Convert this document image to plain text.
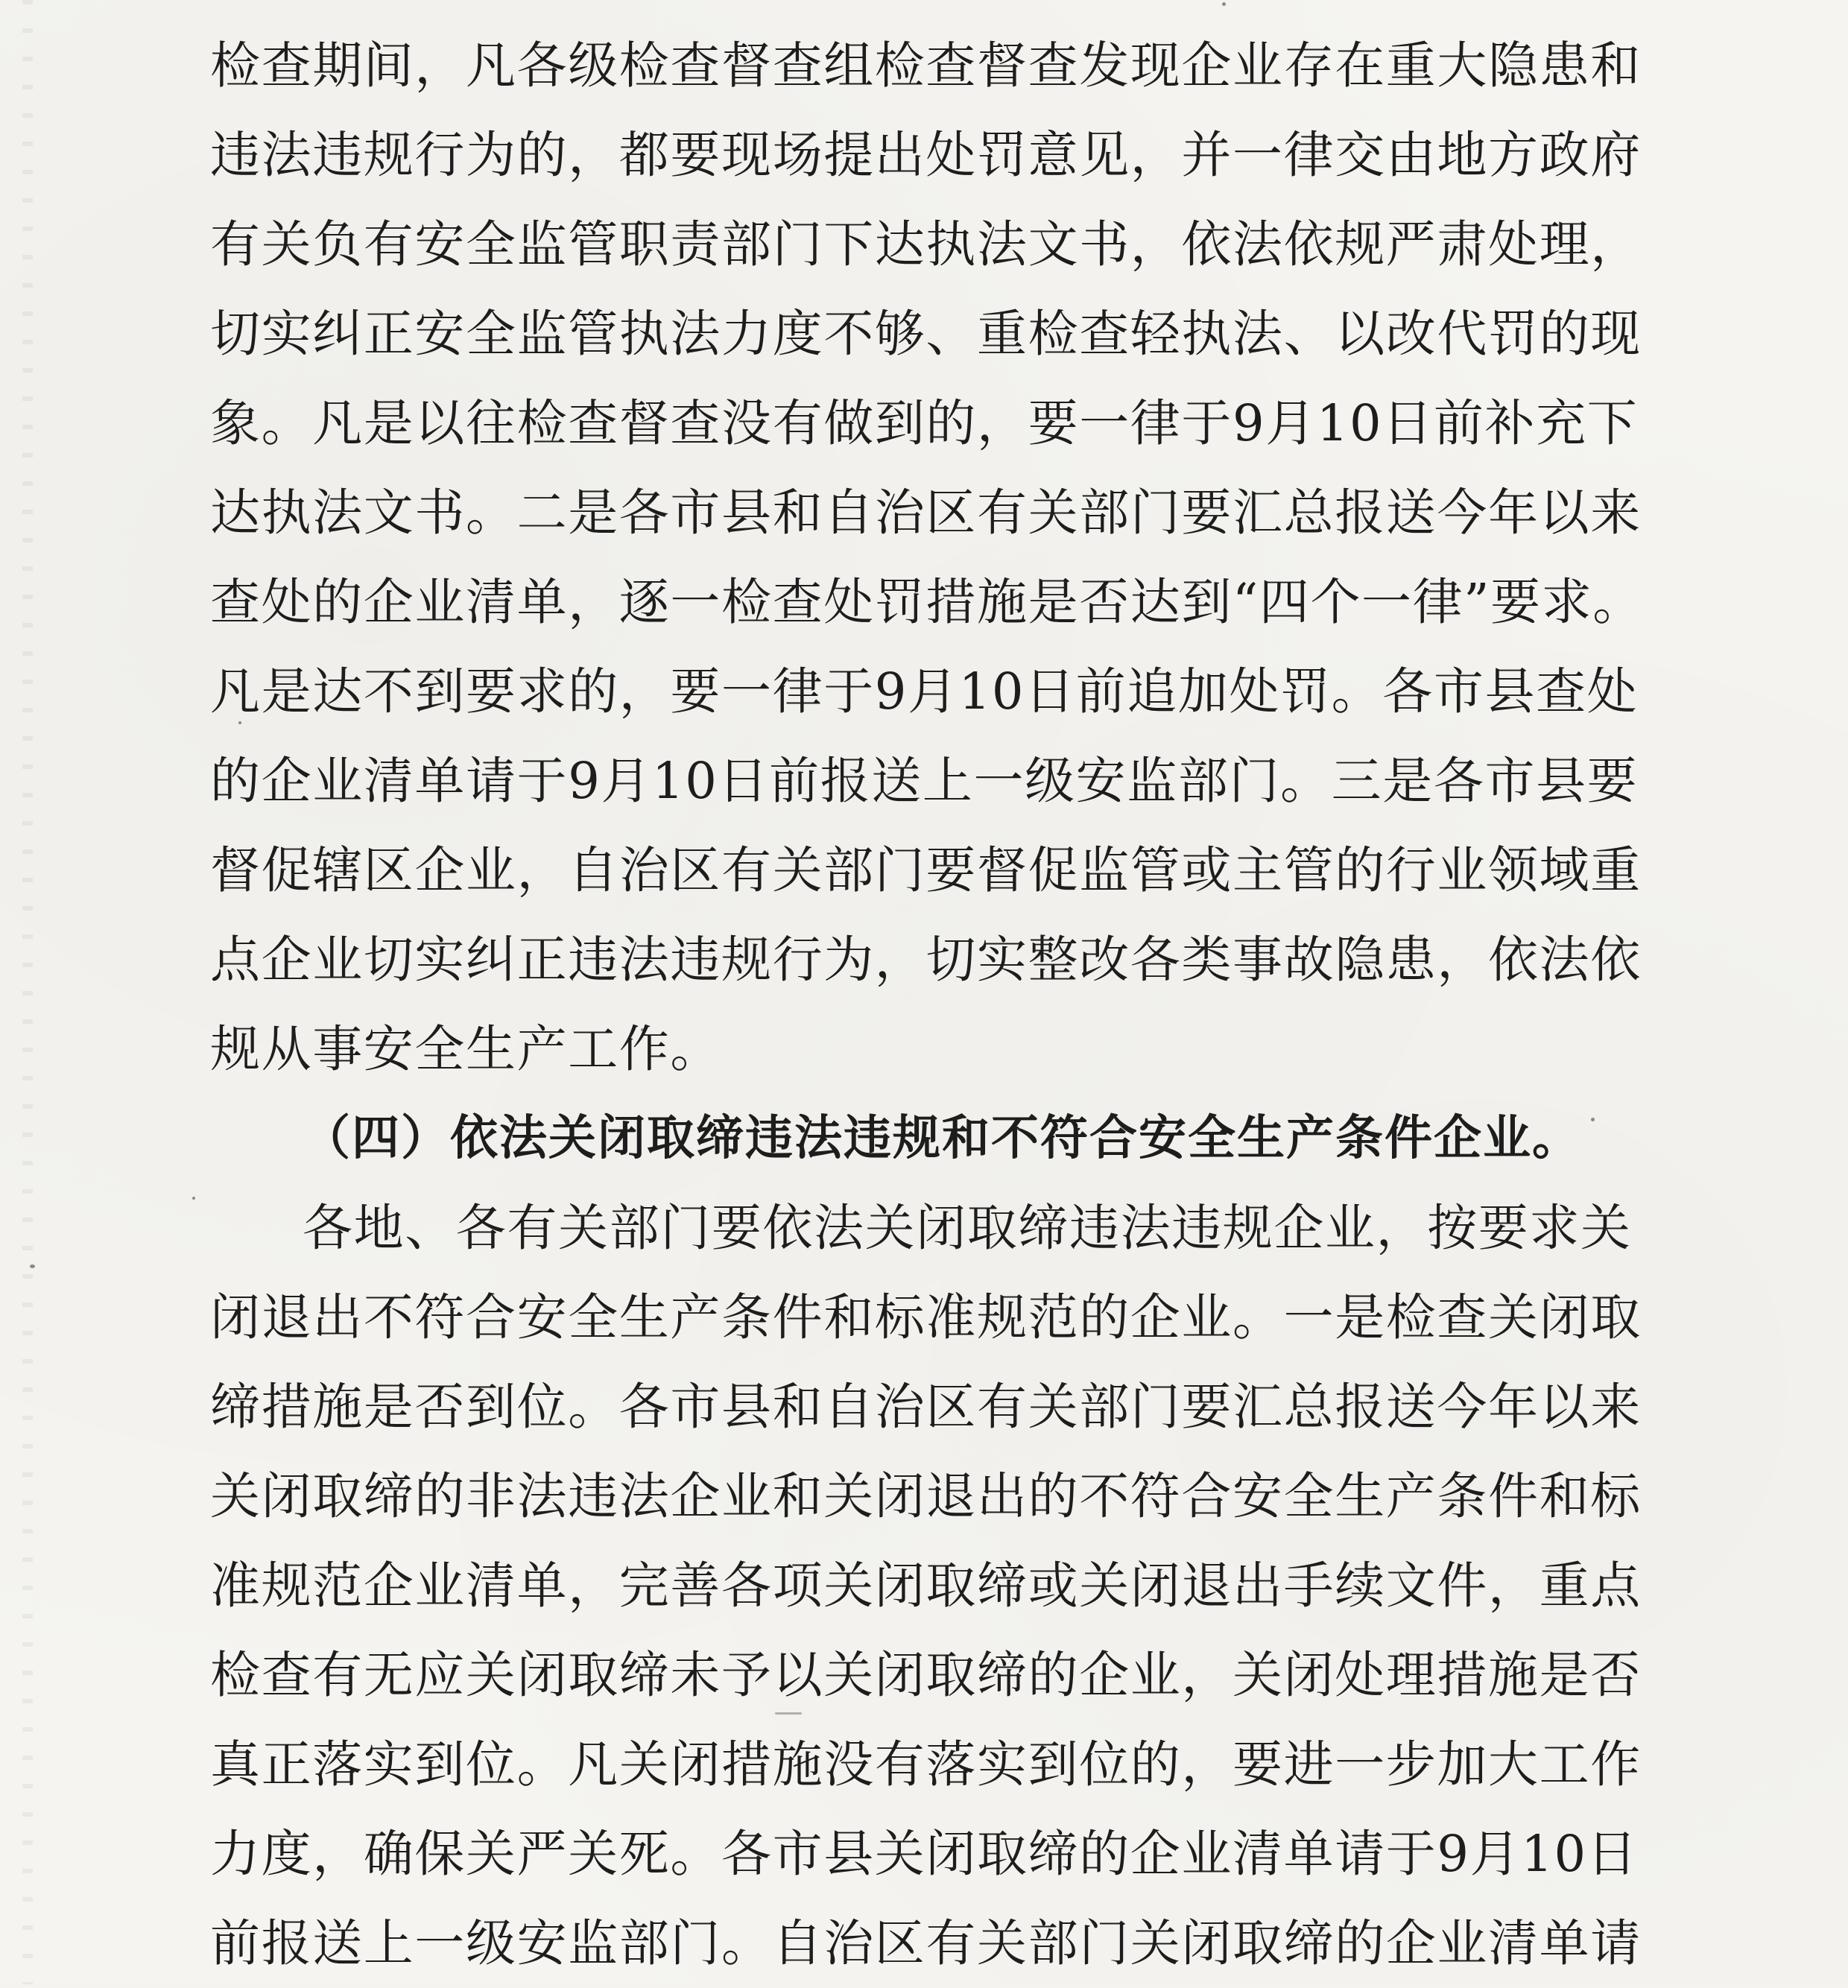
检查期间，凡各级检查督查组检查督查发现企业存在重大隐患和
违法违规行为的，都要现场提出处罚意见，并一律交由地方政府
有关负有安全监管职责部门下达执法文书，依法依规严肃处理，
切实纠正安全监管执法力度不够、重检查轻执法、以改代罚的现
象。凡是以往检查督查没有做到的，要一律于9月10日前补充下
达执法文书。二是各市县和自治区有关部门要汇总报送今年以来
查处的企业清单，逐一检查处罚措施是否达到“四个一律”要求。
凡是达不到要求的，要一律于9月10日前追加处罚。各市县查处
的企业清单请于9月10日前报送上一级安监部门。三是各市县要
督促辖区企业，自治区有关部门要督促监管或主管的行业领域重
点企业切实纠正违法违规行为，切实整改各类事故隐患，依法依
规从事安全生产工作。
（四）依法关闭取缔违法违规和不符合安全生产条件企业。
各地、各有关部门要依法关闭取缔违法违规企业，按要求关
闭退出不符合安全生产条件和标准规范的企业。一是检查关闭取
缔措施是否到位。各市县和自治区有关部门要汇总报送今年以来
关闭取缔的非法违法企业和关闭退出的不符合安全生产条件和标
准规范企业清单，完善各项关闭取缔或关闭退出手续文件，重点
检查有无应关闭取缔未予以关闭取缔的企业，关闭处理措施是否
真正落实到位。凡关闭措施没有落实到位的，要进一步加大工作
力度，确保关严关死。各市县关闭取缔的企业清单请于9月10日
前报送上一级安监部门。自治区有关部门关闭取缔的企业清单请
